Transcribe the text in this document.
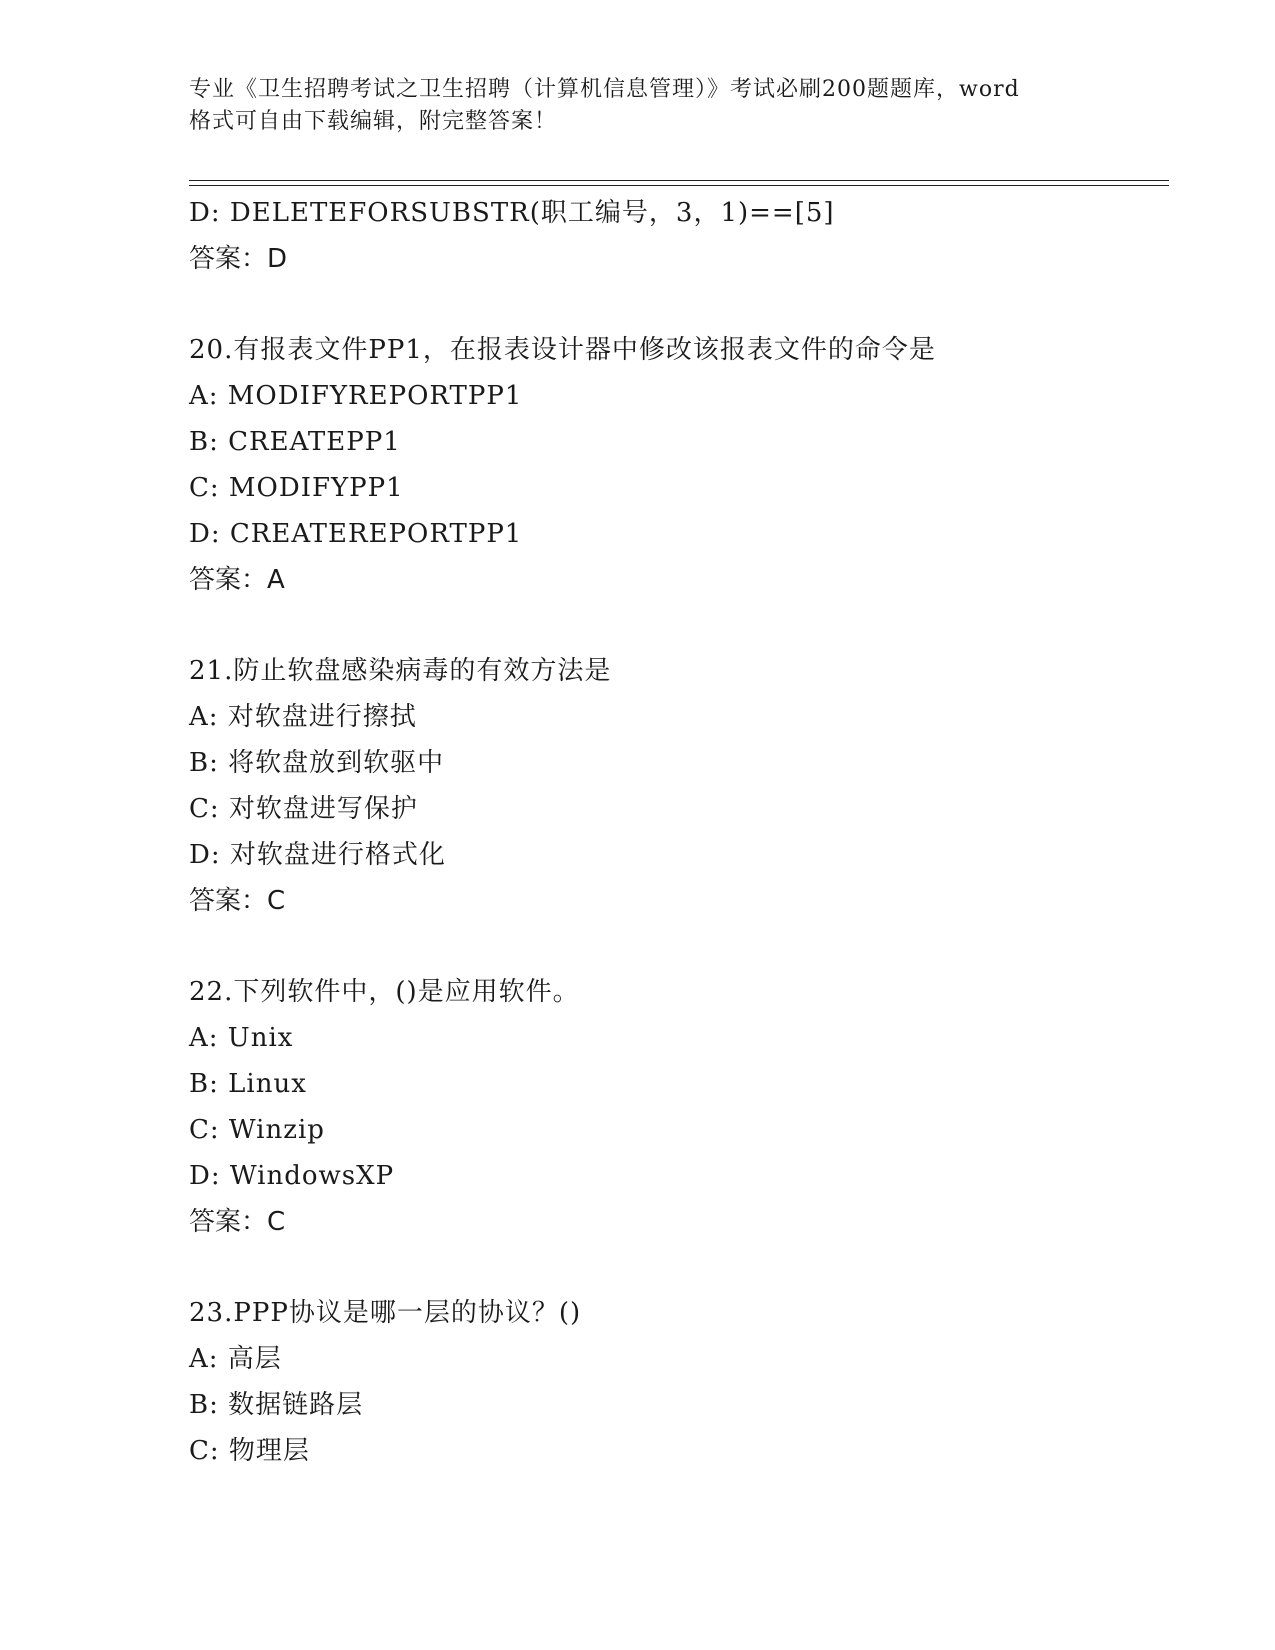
专业《卫生招聘考试之卫生招聘（计算机信息管理）》考试必刷200题题库，word
格式可自由下载编辑，附完整答案！
D: DELETEFORSUBSTR(职工编号，3，1)==[5]
答案：D
20.有报表文件PP1，在报表设计器中修改该报表文件的命令是
A: MODIFYREPORTPP1
B: CREATEPP1
C: MODIFYPP1
D: CREATEREPORTPP1
答案：A
21.防止软盘感染病毒的有效方法是
A: 对软盘进行擦拭
B: 将软盘放到软驱中
C: 对软盘进写保护
D: 对软盘进行格式化
答案：C
22.下列软件中，()是应用软件。
A: Unix
B: Linux
C: Winzip
D: WindowsXP
答案：C
23.PPP协议是哪一层的协议？()
A: 高层
B: 数据链路层
C: 物理层
